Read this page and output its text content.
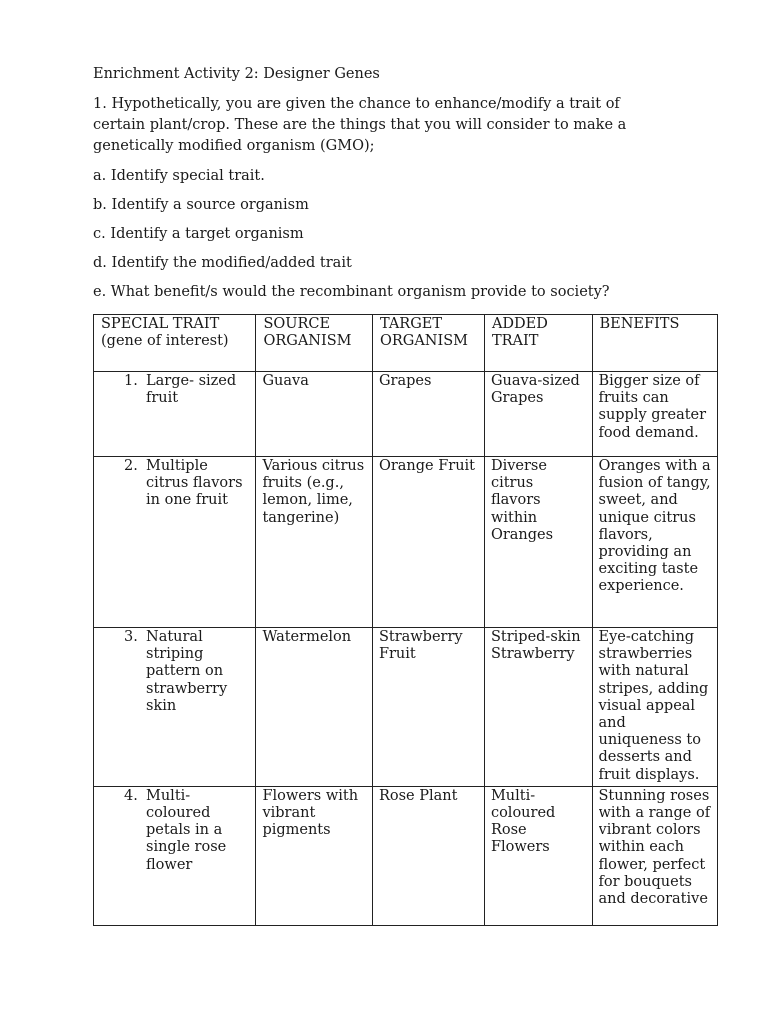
Enrichment Activity 2: Designer Genes

1. Hypothetically, you are given the chance to enhance/modify a trait of certain plant/crop. These are the things that you will consider to make a genetically modified organism (GMO);

a. Identify special trait.

b. Identify a source organism

c. Identify a target organism

d. Identify the modified/added trait

e. What benefit/s would the recombinant organism provide to society?

SPECIAL TRAIT (gene of interest)	SOURCE ORGANISM	TARGET ORGANISM	ADDED TRAIT	BENEFITS

1. Large- sized fruit	Guava	Grapes	Guava-sized Grapes	Bigger size of fruits can supply greater food demand.

2. Multiple citrus flavors in one fruit	Various citrus fruits (e.g., lemon, lime, tangerine)	Orange Fruit	Diverse citrus flavors within Oranges	Oranges with a fusion of tangy, sweet, and unique citrus flavors, providing an exciting taste experience.

3. Natural striping pattern on strawberry skin	Watermelon	Strawberry Fruit	Striped-skin Strawberry	Eye-catching strawberries with natural stripes, adding visual appeal and uniqueness to desserts and fruit displays.

4. Multi-coloured petals in a single rose flower	Flowers with vibrant pigments	Rose Plant	Multi-coloured Rose Flowers	Stunning roses with a range of vibrant colors within each flower, perfect for bouquets and decorative
